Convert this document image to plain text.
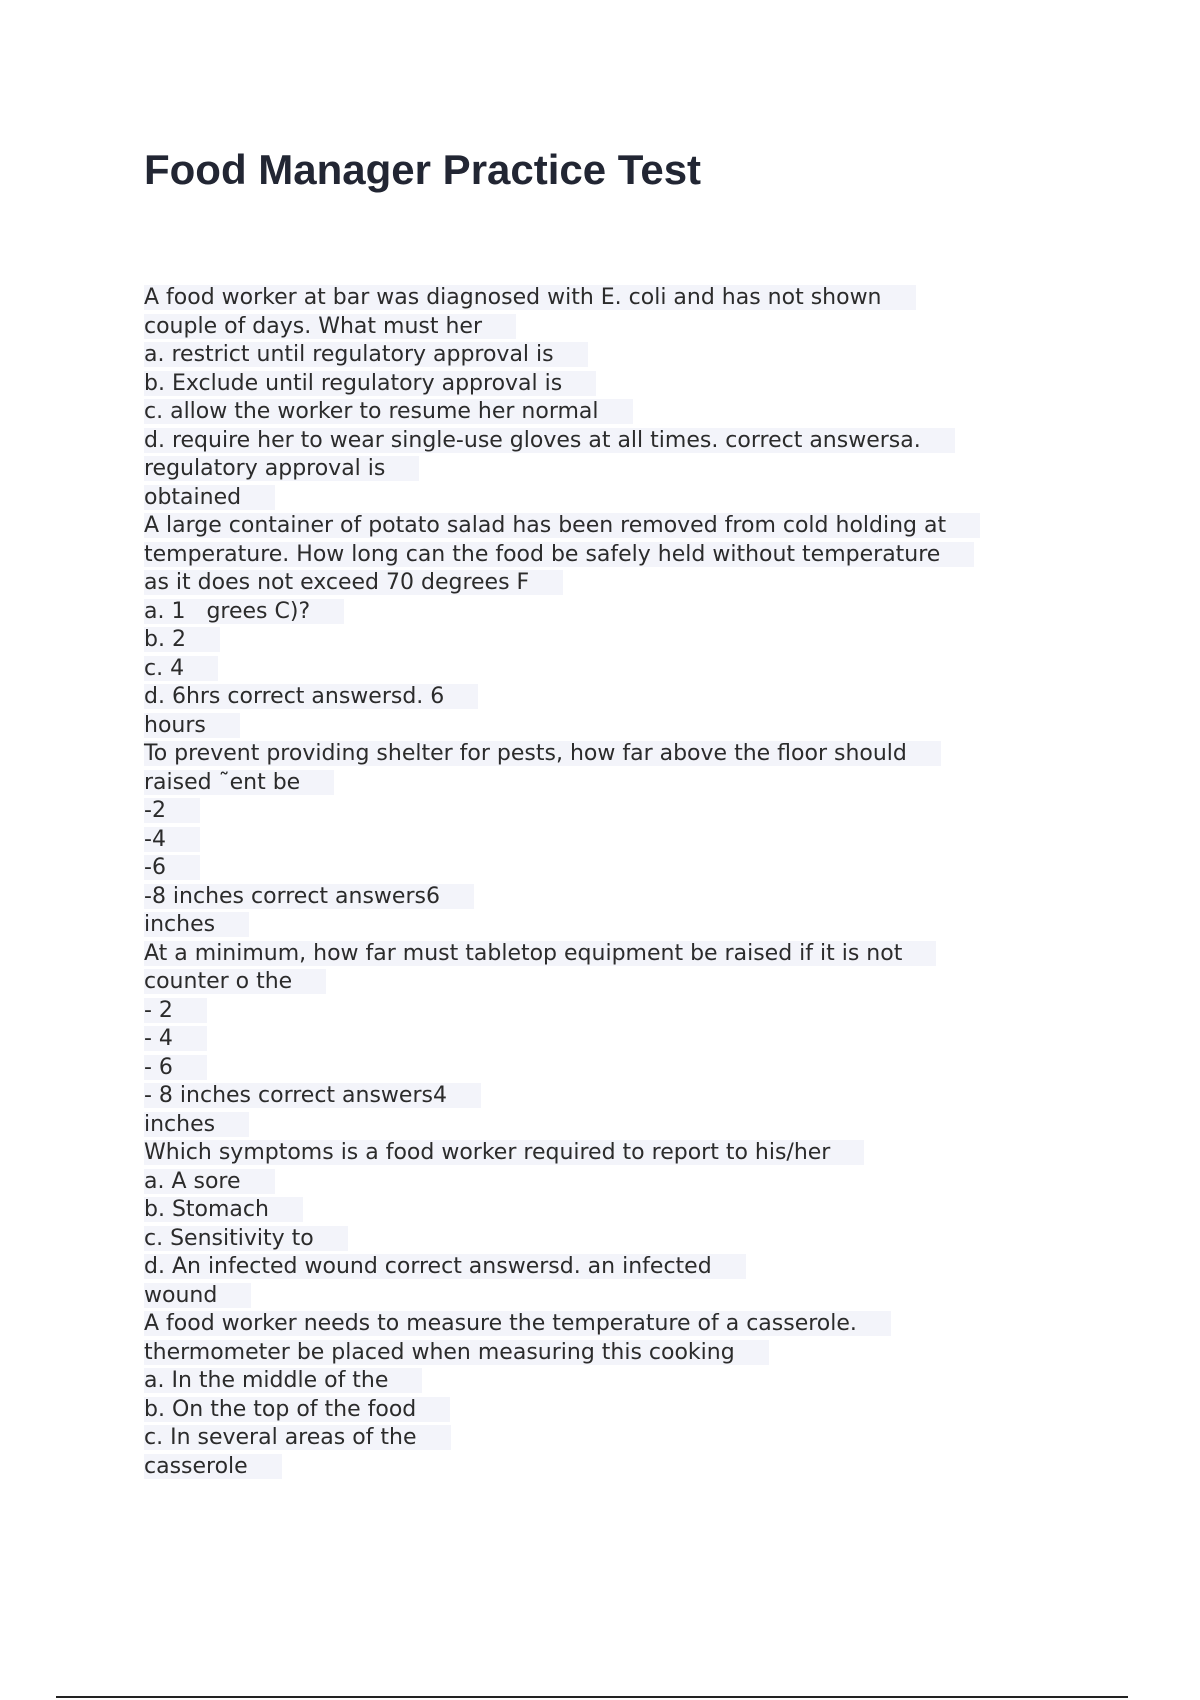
Food Manager Practice Test
A food worker at bar was diagnosed with E. coli and has not shown
couple of days. What must her
a. restrict until regulatory approval is
b. Exclude until regulatory approval is
c. allow the worker to resume her normal
d. require her to wear single-use gloves at all times. correct answersa.
regulatory approval is
obtained
A large container of potato salad has been removed from cold holding at
temperature. How long can the food be safely held without temperature
as it does not exceed 70 degrees F
a. 1   grees C)?
b. 2
c. 4
d. 6hrs correct answersd. 6
hours
To prevent providing shelter for pests, how far above the floor should
raised ˜ent be
-2
-4
-6
-8 inches correct answers6
inches
At a minimum, how far must tabletop equipment be raised if it is not
counter o the
- 2
- 4
- 6
- 8 inches correct answers4
inches
Which symptoms is a food worker required to report to his/her
a. A sore
b. Stomach
c. Sensitivity to
d. An infected wound correct answersd. an infected
wound
A food worker needs to measure the temperature of a casserole.
thermometer be placed when measuring this cooking
a. In the middle of the
b. On the top of the food
c. In several areas of the
casserole
